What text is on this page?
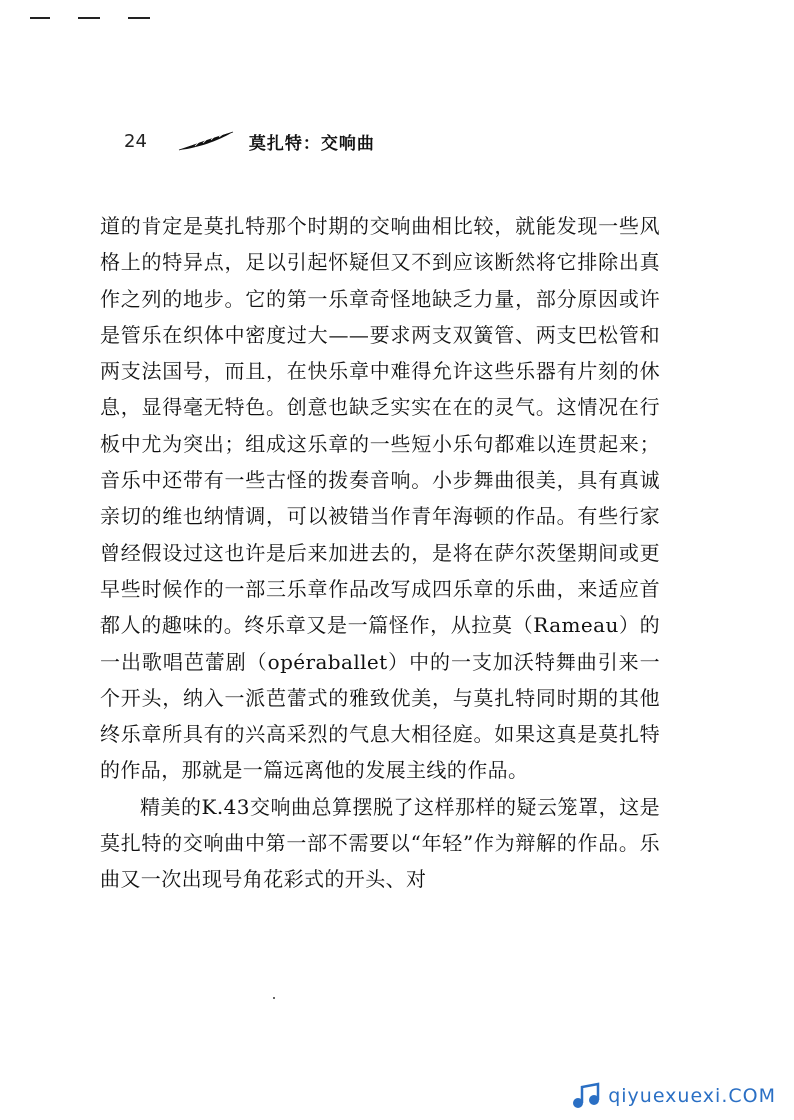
24	莫扎特：交响曲

道的肯定是莫扎特那个时期的交响曲相比较，就能发现一些风格上的特异点，足以引起怀疑但又不到应该断然将它排除出真作之列的地步。它的第一乐章奇怪地缺乏力量，部分原因或许是管乐在织体中密度过大——要求两支双簧管、两支巴松管和两支法国号，而且，在快乐章中难得允许这些乐器有片刻的休息，显得毫无特色。创意也缺乏实实在在的灵气。这情况在行板中尤为突出；组成这乐章的一些短小乐句都难以连贯起来；音乐中还带有一些古怪的拨奏音响。小步舞曲很美，具有真诚亲切的维也纳情调，可以被错当作青年海顿的作品。有些行家曾经假设过这也许是后来加进去的，是将在萨尔茨堡期间或更早些时候作的一部三乐章作品改写成四乐章的乐曲，来适应首都人的趣味的。终乐章又是一篇怪作，从拉莫（Rameau）的一出歌唱芭蕾剧（opéraballet）中的一支加沃特舞曲引来一个开头，纳入一派芭蕾式的雅致优美，与莫扎特同时期的其他终乐章所具有的兴高采烈的气息大相径庭。如果这真是莫扎特的作品，那就是一篇远离他的发展主线的作品。

精美的K.43交响曲总算摆脱了这样那样的疑云笼罩，这是莫扎特的交响曲中第一部不需要以“年轻”作为辩解的作品。乐曲又一次出现号角花彩式的开头、对

qiyuexuexi.COM
